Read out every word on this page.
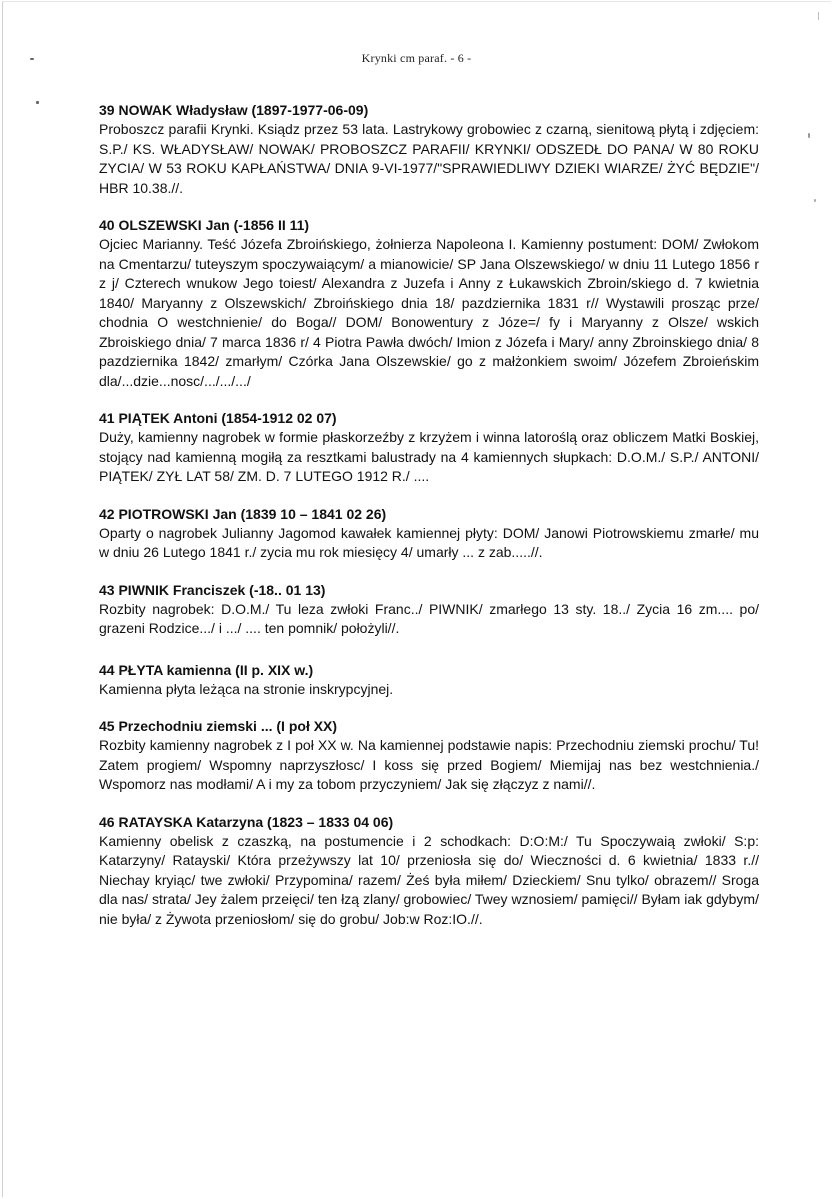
Krynki cm paraf. - 6 -

39 NOWAK Władysław (1897-1977-06-09)

Proboszcz parafii Krynki. Ksiądz przez 53 lata. Lastrykowy grobowiec z czarną, sienitową płytą i zdjęciem: S.P./ KS. WŁADYSŁAW/ NOWAK/ PROBOSZCZ PARAFII/ KRYNKI/ ODSZEDŁ DO PANA/ W 80 ROKU ZYCIA/ W 53 ROKU KAPŁAŃSTWA/ DNIA 9-VI-1977/"SPRAWIEDLIWY DZIEKI WIARZE/ ŻYĆ BĘDZIE"/ HBR 10.38.//.

40 OLSZEWSKI Jan (-1856 II 11)

Ojciec Marianny. Teść Józefa Zbroińskiego, żołnierza Napoleona I. Kamienny postument: DOM/ Zwłokom na Cmentarzu/ tuteyszym spoczywaiącym/ a mianowicie/ SP Jana Olszewskiego/ w dniu 11 Lutego 1856 r z j/ Czterech wnukow Jego toiest/ Alexandra z Juzefa i Anny z Łukawskich Zbroin/skiego d. 7 kwietnia 1840/ Maryanny z Olszewskich/ Zbroińskiego dnia 18/ pazdziernika 1831 r// Wystawili prosząc prze/ chodnia O westchnienie/ do Boga// DOM/ Bonowentury z Józe=/ fy i Maryanny z Olsze/ wskich Zbroiskiego dnia/ 7 marca 1836 r/ 4 Piotra Pawła dwóch/ Imion z Józefa i Mary/ anny Zbroinskiego dnia/ 8 pazdziernika 1842/ zmarłym/ Czórka Jana Olszewskie/ go z małżonkiem swoim/ Józefem Zbroieńskim dla/...dzie...nosc/.../.../.../

41 PIĄTEK Antoni (1854-1912 02 07)

Duży, kamienny nagrobek w formie płaskorzeźby z krzyżem i winna latoroślą oraz obliczem Matki Boskiej, stojący nad kamienną mogiłą za resztkami balustrady na 4 kamiennych słupkach: D.O.M./ S.P./ ANTONI/ PIĄTEK/ ZYŁ LAT 58/ ZM. D. 7 LUTEGO 1912 R./ ....

42 PIOTROWSKI Jan (1839 10 – 1841 02 26)

Oparty o nagrobek Julianny Jagomod kawałek kamiennej płyty: DOM/ Janowi Piotrowskiemu zmarłe/ mu w dniu 26 Lutego 1841 r./ zycia mu rok miesięcy 4/ umarły ... z zab.....//.

43 PIWNIK Franciszek (-18.. 01 13)

Rozbity nagrobek: D.O.M./ Tu leza zwłoki Franc../ PIWNIK/ zmarłego 13 sty. 18../ Zycia 16 zm.... po/ grazeni Rodzice.../ i .../ .... ten pomnik/ położyli//.

44 PŁYTA kamienna (II p. XIX w.)

Kamienna płyta leżąca na stronie inskrypcyjnej.

45 Przechodniu ziemski ... (I poł XX)

Rozbity kamienny nagrobek z I poł XX w. Na kamiennej podstawie napis: Przechodniu ziemski prochu/ Tu! Zatem progiem/ Wspomny naprzyszłosc/ I koss się przed Bogiem/ Miemijaj nas bez westchnienia./ Wspomorz nas modłami/ A i my za tobom przyczyniem/ Jak się złączyz z nami//.

46 RATAYSKA Katarzyna (1823 – 1833 04 06)

Kamienny obelisk z czaszką, na postumencie i 2 schodkach: D:O:M:/ Tu Spoczywaią zwłoki/ S:p: Katarzyny/ Ratayski/ Która przeżywszy lat 10/ przeniosła się do/ Wieczności d. 6 kwietnia/ 1833 r.// Niechay kryiąc/ twe zwłoki/ Przypomina/ razem/ Żeś była miłem/ Dzieckiem/ Snu tylko/ obrazem// Sroga dla nas/ strata/ Jey żalem przeięci/ ten łzą zlany/ grobowiec/ Twey wznosiem/ pamięci// Byłam iak gdybym/ nie była/ z Żywota przeniosłom/ się do grobu/ Job:w Roz:IO.//.
